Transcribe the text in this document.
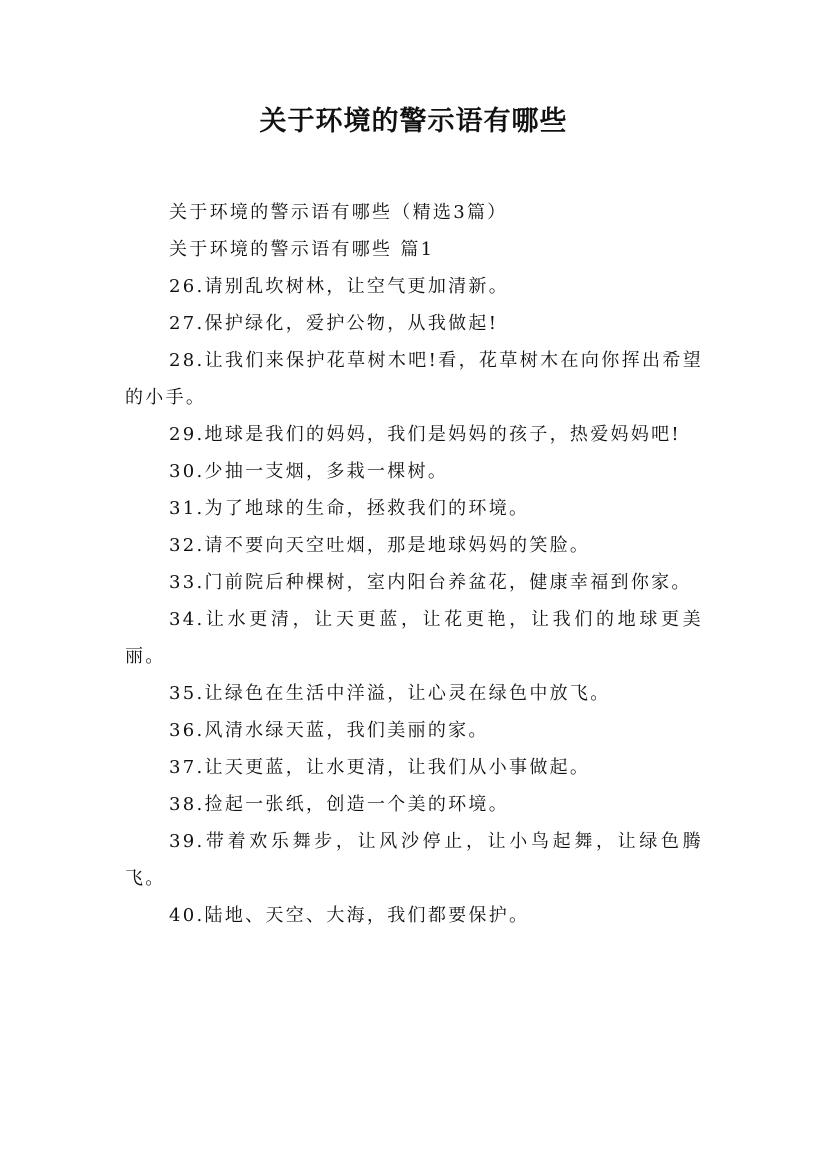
关于环境的警示语有哪些

关于环境的警示语有哪些（精选3篇）

关于环境的警示语有哪些 篇1

26.请别乱坎树林，让空气更加清新。

27.保护绿化，爱护公物，从我做起!

28.让我们来保护花草树木吧!看，花草树木在向你挥出希望的小手。

29.地球是我们的妈妈，我们是妈妈的孩子，热爱妈妈吧!

30.少抽一支烟，多栽一棵树。

31.为了地球的生命，拯救我们的环境。

32.请不要向天空吐烟，那是地球妈妈的笑脸。

33.门前院后种棵树，室内阳台养盆花，健康幸福到你家。

34.让水更清，让天更蓝，让花更艳，让我们的地球更美丽。

35.让绿色在生活中洋溢，让心灵在绿色中放飞。

36.风清水绿天蓝，我们美丽的家。

37.让天更蓝，让水更清，让我们从小事做起。

38.捡起一张纸，创造一个美的环境。

39.带着欢乐舞步，让风沙停止，让小鸟起舞，让绿色腾飞。

40.陆地、天空、大海，我们都要保护。
